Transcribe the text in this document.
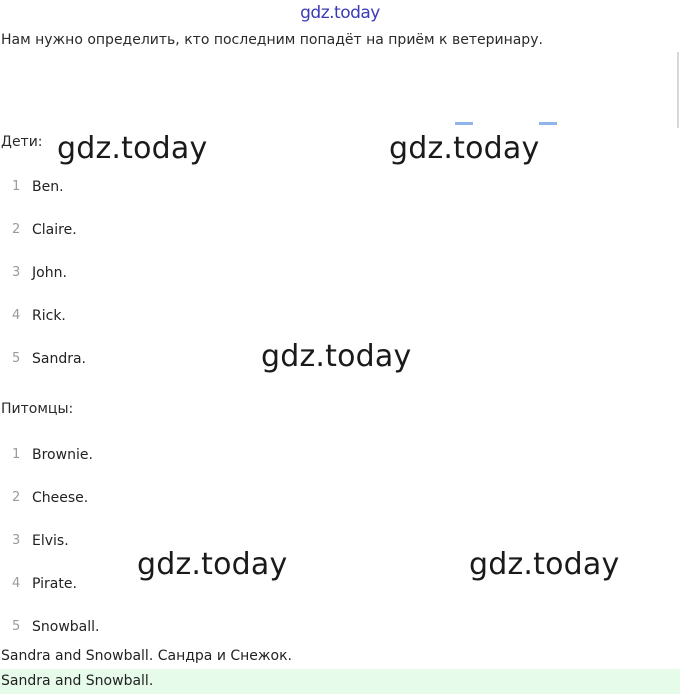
gdz.today
Нам нужно определить, кто последним попадёт на приём к ветеринару.
Дети:
1 Ben.
2 Claire.
3 John.
4 Rick.
5 Sandra.
Питомцы:
1 Brownie.
2 Cheese.
3 Elvis.
4 Pirate.
5 Snowball.
Sandra and Snowball. Сандра и Снежок.
Sandra and Snowball.
gdz.today	gdz.today
gdz.today
gdz.today	gdz.today
